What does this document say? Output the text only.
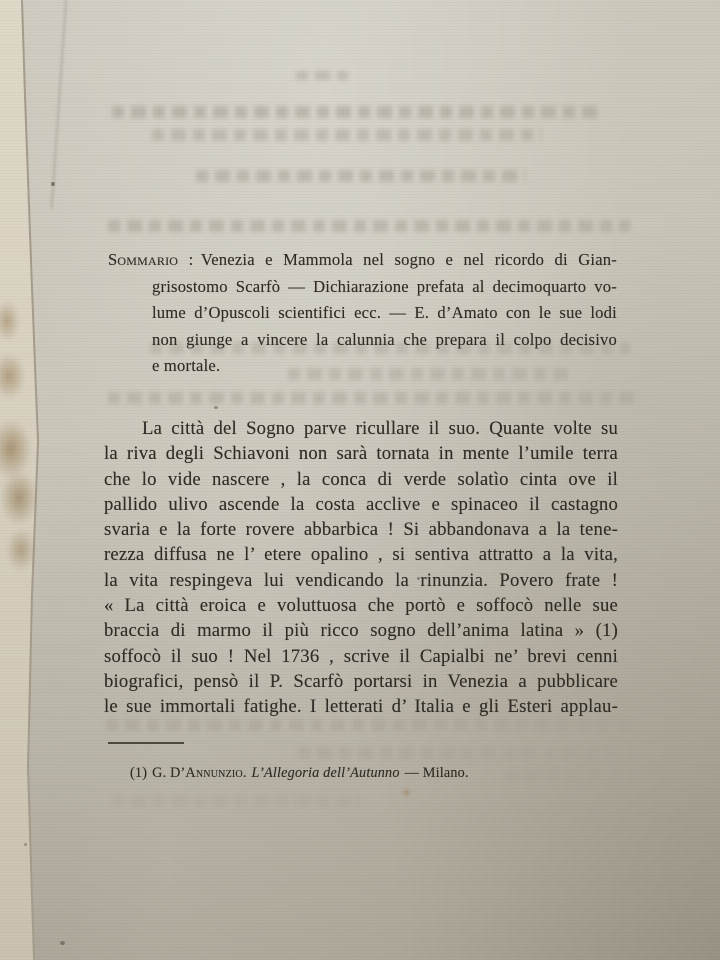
Sommario : Venezia e Mammola nel sogno e nel ricordo di Gian-
grisostomo Scarfò — Dichiarazione prefata al decimoquarto vo-
lume d’Opuscoli scientifici ecc. — E. d’Amato con le sue lodi
non giunge a vincere la calunnia che prepara il colpo decisivo
e mortale.
La città del Sogno parve ricullare il suo. Quante volte su
la riva degli Schiavoni non sarà tornata in mente l’umile terra
che lo vide nascere , la conca di verde solatìo cinta ove il
pallido ulivo ascende la costa acclive e spinaceo il castagno
svaria e la forte rovere abbarbica ! Si abbandonava a la tene-
rezza diffusa ne l’ etere opalino , si sentiva attratto a la vita,
la vita respingeva lui vendicando la rinunzia. Povero frate !
« La città eroica e voluttuosa che portò e soffocò nelle sue
braccia di marmo il più ricco sogno dell’anima latina » (1)
soffocò il suo ! Nel 1736 , scrive il Capialbi ne’ brevi cenni
biografici, pensò il P. Scarfò portarsi in Venezia a pubblicare
le sue immortali fatighe. I letterati d’ Italia e gli Esteri applau-
(1) G. D’Annunzio. L’Allegoria dell’Autunno — Milano.
